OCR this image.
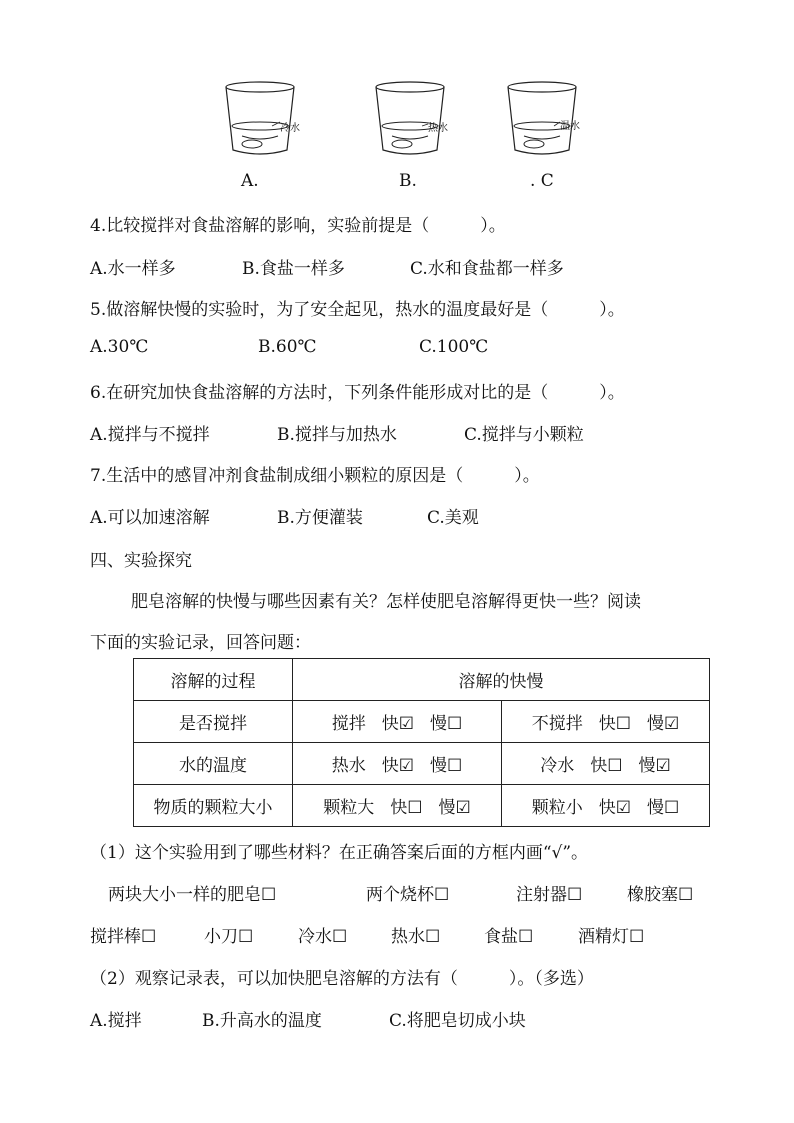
冷水	热水	温水
A.	B.	. C
4.比较搅拌对食盐溶解的影响，实验前提是（　　　）。
A.水一样多	B.食盐一样多	C.水和食盐都一样多
5.做溶解快慢的实验时，为了安全起见，热水的温度最好是（　　　）。
A.30℃	B.60℃	C.100℃
6.在研究加快食盐溶解的方法时，下列条件能形成对比的是（　　　）。
A.搅拌与不搅拌	B.搅拌与加热水	C.搅拌与小颗粒
7.生活中的感冒冲剂食盐制成细小颗粒的原因是（　　　）。
A.可以加速溶解	B.方便灌装	C.美观
四、实验探究
肥皂溶解的快慢与哪些因素有关？怎样使肥皂溶解得更快一些？阅读
下面的实验记录，回答问题：
溶解的过程	溶解的快慢	
是否搅拌	搅拌 快☑ 慢☐	不搅拌 快☐ 慢☑
水的温度	热水 快☑ 慢☐	冷水 快☐ 慢☑
物质的颗粒大小	颗粒大 快☐ 慢☑	颗粒小 快☑ 慢☐
（1）这个实验用到了哪些材料？在正确答案后面的方框内画“√”。
两块大小一样的肥皂☐	两个烧杯☐	注射器☐	橡胶塞☐
搅拌棒☐	小刀☐	冷水☐	热水☐	食盐☐	酒精灯☐
（2）观察记录表，可以加快肥皂溶解的方法有（　　　）。（多选）
A.搅拌	B.升高水的温度	C.将肥皂切成小块
